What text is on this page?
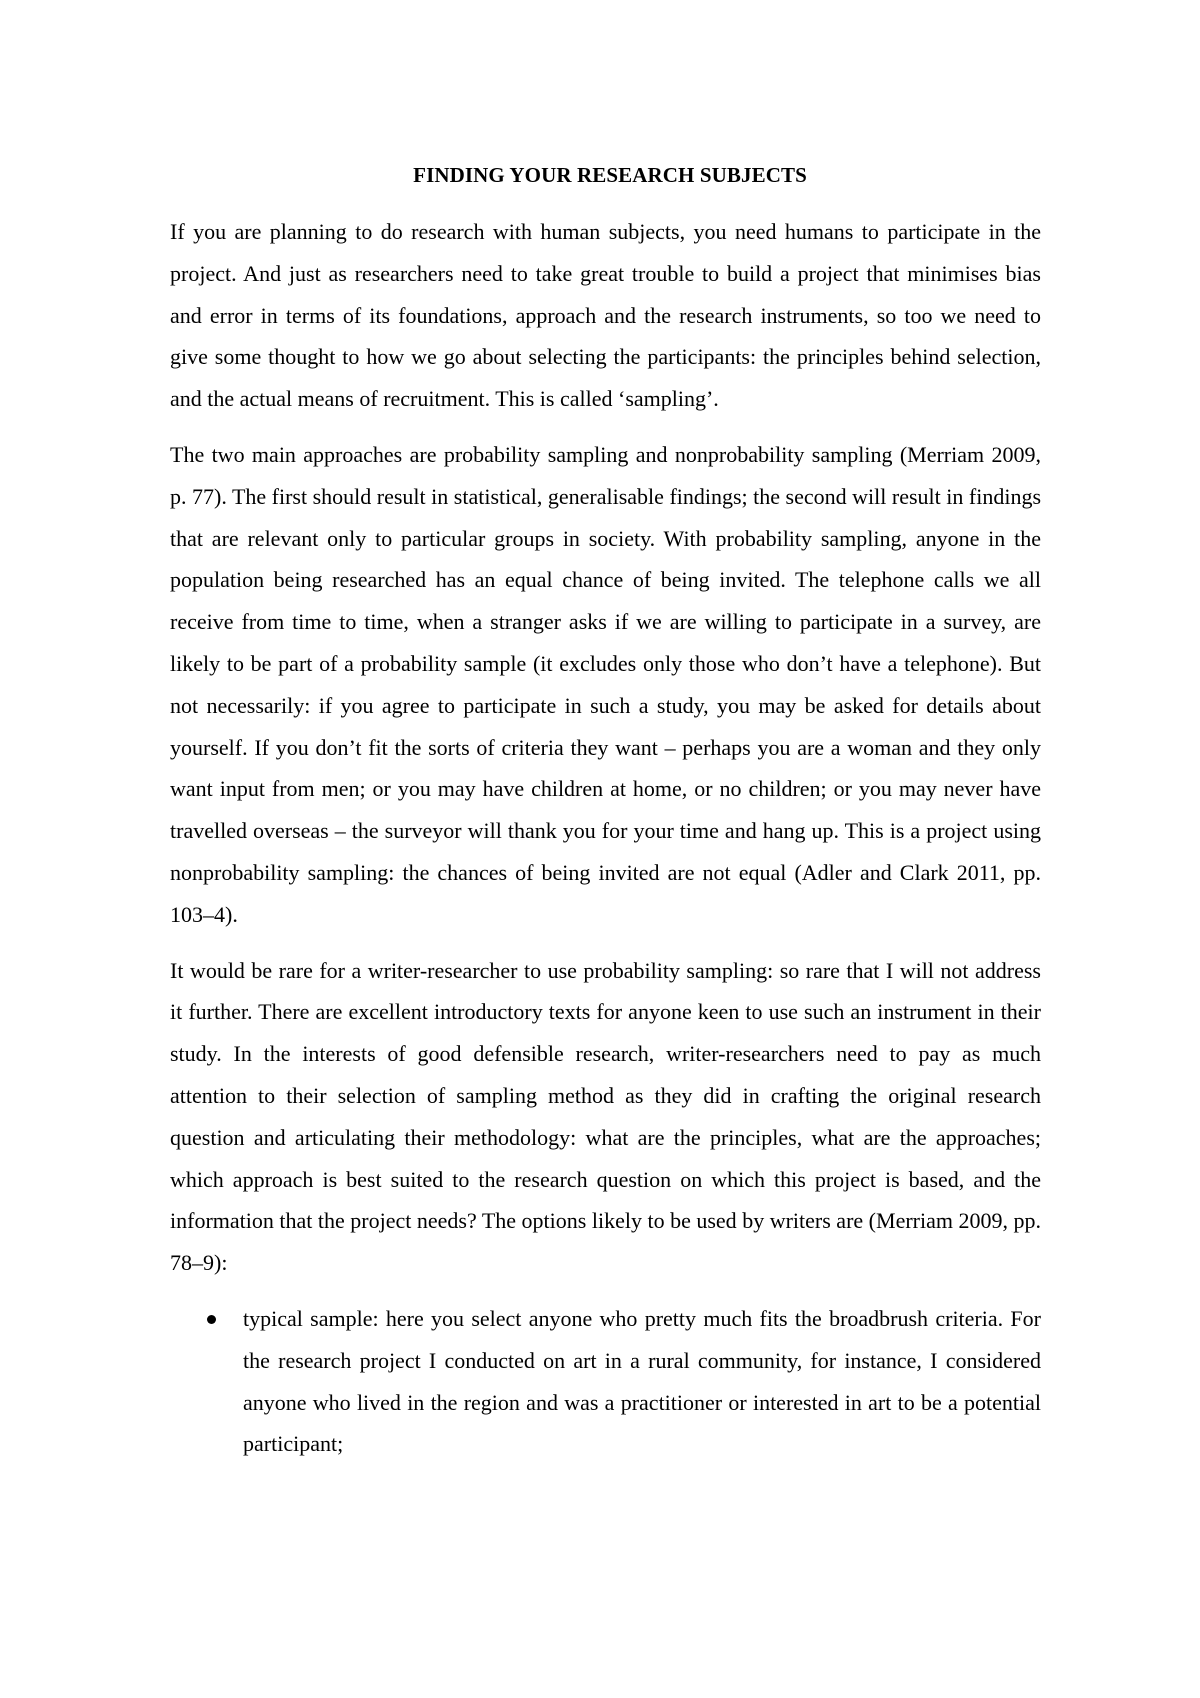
FINDING YOUR RESEARCH SUBJECTS

If you are planning to do research with human subjects, you need humans to participate in the project. And just as researchers need to take great trouble to build a project that minimises bias and error in terms of its foundations, approach and the research instruments, so too we need to give some thought to how we go about selecting the participants: the principles behind selection, and the actual means of recruitment. This is called ‘sampling’.

The two main approaches are probability sampling and nonprobability sampling (Merriam 2009, p. 77). The first should result in statistical, generalisable findings; the second will result in findings that are relevant only to particular groups in society. With probability sampling, anyone in the population being researched has an equal chance of being invited. The telephone calls we all receive from time to time, when a stranger asks if we are willing to participate in a survey, are likely to be part of a probability sample (it excludes only those who don’t have a telephone). But not necessarily: if you agree to participate in such a study, you may be asked for details about yourself. If you don’t fit the sorts of criteria they want – perhaps you are a woman and they only want input from men; or you may have children at home, or no children; or you may never have travelled overseas – the surveyor will thank you for your time and hang up. This is a project using nonprobability sampling: the chances of being invited are not equal (Adler and Clark 2011, pp. 103–4).

It would be rare for a writer-researcher to use probability sampling: so rare that I will not address it further. There are excellent introductory texts for anyone keen to use such an instrument in their study. In the interests of good defensible research, writer-researchers need to pay as much attention to their selection of sampling method as they did in crafting the original research question and articulating their methodology: what are the principles, what are the approaches; which approach is best suited to the research question on which this project is based, and the information that the project needs? The options likely to be used by writers are (Merriam 2009, pp. 78–9):

typical sample: here you select anyone who pretty much fits the broadbrush criteria. For the research project I conducted on art in a rural community, for instance, I considered anyone who lived in the region and was a practitioner or interested in art to be a potential participant;
